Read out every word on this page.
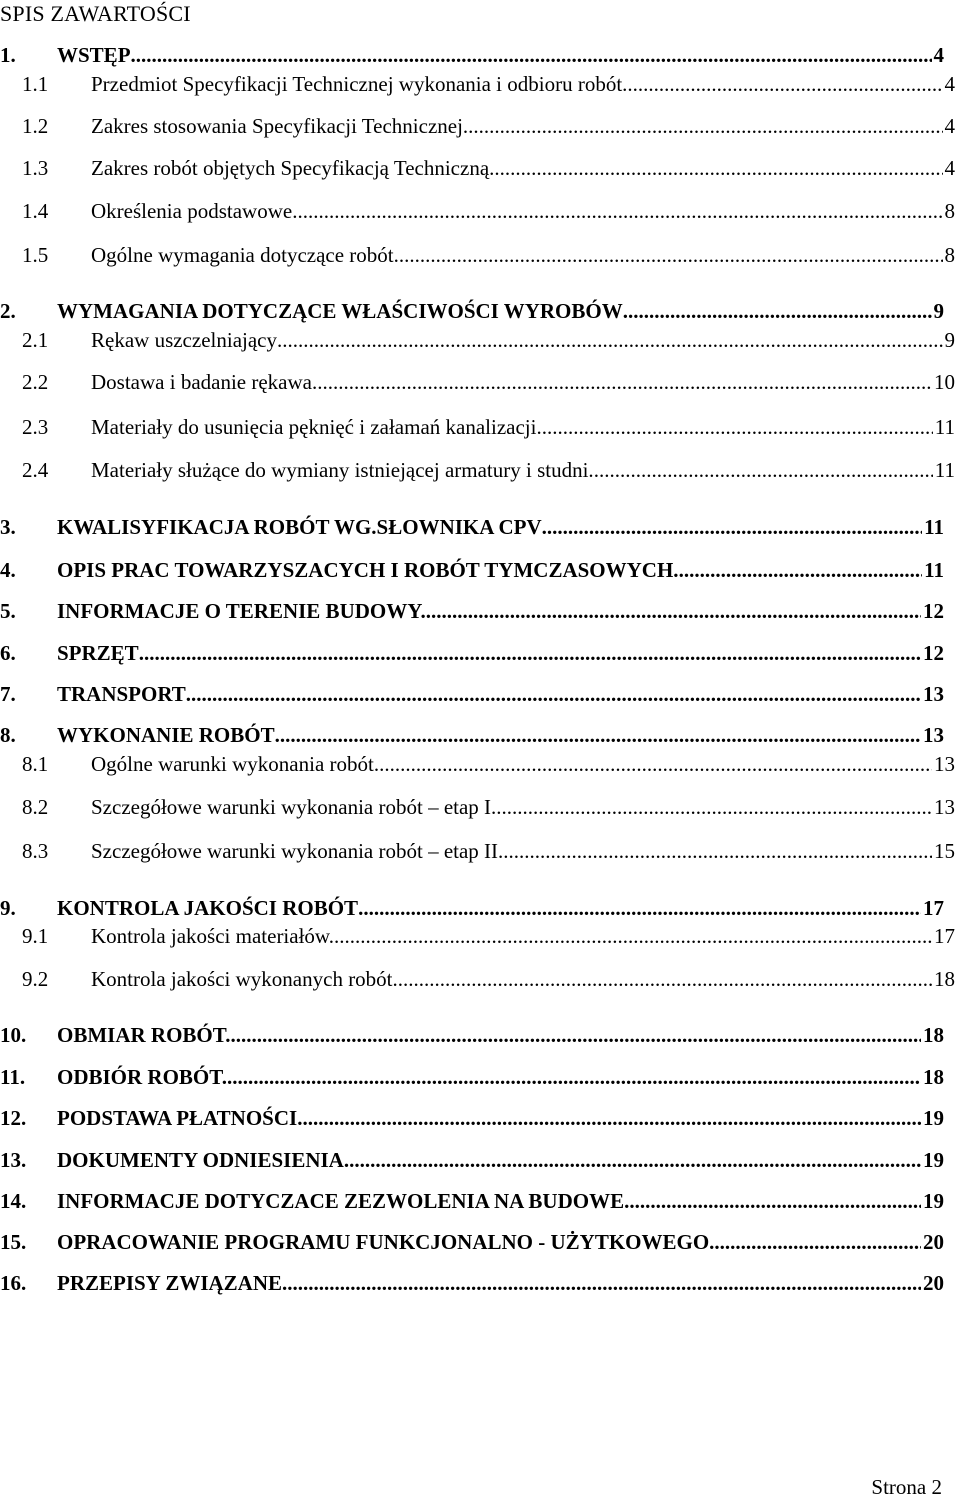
SPIS ZAWARTOŚCI
1.	WSTĘP .....	4
1.1	Przedmiot Specyfikacji Technicznej wykonania i odbioru robót .....	4
1.2	Zakres stosowania Specyfikacji Technicznej .....	4
1.3	Zakres robót objętych Specyfikacją Techniczną .....	4
1.4	Określenia podstawowe. .....	8
1.5	Ogólne wymagania dotyczące robót .....	8
2.	WYMAGANIA DOTYCZĄCE WŁAŚCIWOŚCI WYROBÓW .....	9
2.1	Rękaw uszczelniający .....	9
2.2	Dostawa i badanie rękawa .....	10
2.3	Materiały do usunięcia pęknięć i załamań kanalizacji .....	11
2.4	Materiały służące do wymiany istniejącej armatury i studni. .....	11
3.	KWALISYFIKACJA ROBÓT WG.SŁOWNIKA CPV .....	11
4.	OPIS PRAC TOWARZYSZACYCH I ROBÓT TYMCZASOWYCH. .....	11
5.	INFORMACJE O TERENIE BUDOWY. .....	12
6.	SPRZĘT .....	12
7.	TRANSPORT .....	13
8.	WYKONANIE ROBÓT .....	13
8.1	Ogólne warunki wykonania robót. .....	13
8.2	Szczegółowe warunki wykonania robót – etap I. .....	13
8.3	Szczegółowe warunki wykonania robót – etap II. .....	15
9.	KONTROLA JAKOŚCI ROBÓT .....	17
9.1	Kontrola jakości materiałów. .....	17
9.2	Kontrola jakości wykonanych robót. .....	18
10.	OBMIAR ROBÓT. .....	18
11.	ODBIÓR ROBÓT. .....	18
12.	PODSTAWA PŁATNOŚCI .....	19
13.	DOKUMENTY ODNIESIENIA. .....	19
14.	INFORMACJE DOTYCZACE ZEZWOLENIA NA BUDOWE. .....	19
15.	OPRACOWANIE PROGRAMU FUNKCJONALNO - UŻYTKOWEGO. .....	20
16.	PRZEPISY ZWIĄZANE. .....	20
Strona 2
